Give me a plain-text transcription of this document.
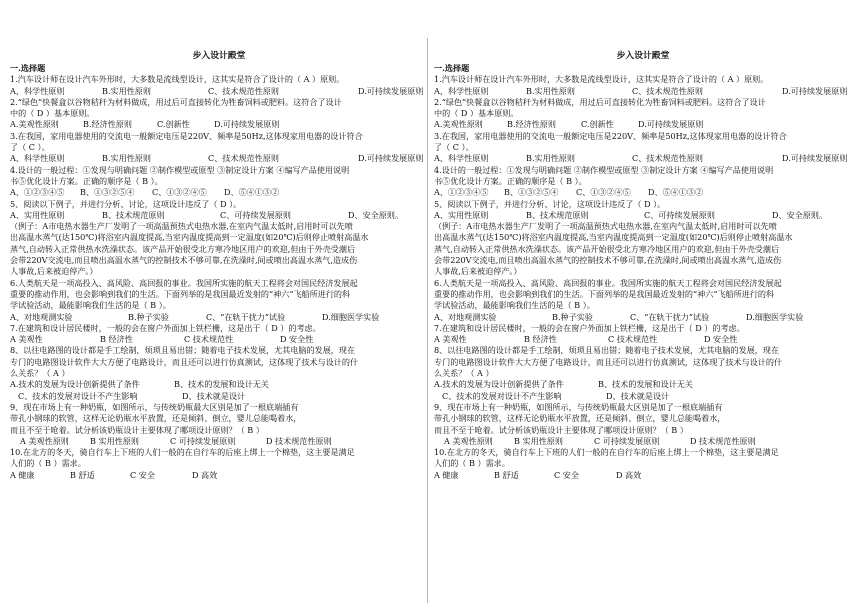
步入设计殿堂
一.选择题
1.汽车设计师在设计汽车外形时，大多数是流线型设计，这其实是符合了设计的（ A ）原则。
A、科学性原则	B.实用性原则	C、技术规范性原则	D.可持续发展原则
2.“绿色”快餐盒以谷物秸秆为材料做成，用过后可直接转化为牲畜饲料或肥料。这符合了设计
中的（ D ）基本原则。
A.美观性原则	B.经济性原则	C.创新性	D.可持续发展原则
3.在我国，家用电器使用的交流电一般额定电压是220V、频率是50Hz,这体现家用电器的设计符合
了（ C ）。
A、科学性原则	B.实用性原则	C、技术规范性原则	D.可持续发展原则
4.设计的一般过程：①发现与明确问题 ②制作模型或原型 ③制定设计方案 ④编写产品使用说明
书⑤优化设计方案。正确的顺序是（ B ）。
A、①②③④⑤	B、①③②⑤④	C、①③②④⑤	D、⑤④①③②
5、阅读以下例子，并进行分析、讨论，这项设计违反了（ D ）。
A、实用性原则	B、技术规范原则	C、可持续发展原则	D、安全原则。
（例子：A市电热水器生产厂发明了一项高温预热式电热水器,在室内气温太低时,启用时可以先喷
出高温水蒸气(达150℃)将浴室内温度提高,当室内温度提高到一定温度(如20℃)后则停止喷射高温水
蒸气,自动转入正常供热水洗澡状态。该产品开始很受北方寒冷地区用户的欢迎,但由于外壳受潮后
会带220V交流电,而且喷出高温水蒸气的控制技术不够可靠,在洗澡时,间或喷出高温水蒸气,造成伤
人事故,后来被迫停产。）
6.人类航天是一项高投入、高风险、高回报的事业。我国所实施的航天工程将会对国民经济发展起
重要的推动作用，也会影响到我们的生活。下面列举的是我国最近发射的“神六”飞船所进行的科
学试验活动，最能影响我们生活的是（ B ）。
A、对地观测实验	B.种子实验	C、“在轨干扰力”试验	D.细胞医学实验
7.在建筑和设计居民楼时，一般的会在窗户外面加上铁栏栅，这是出于（ D ）的考虑。
A 美观性	B 经济性	C 技术规范性	D 安全性
8、以往电路图的设计都是手工绘制，烦琐且易出错；随着电子技术发展，尤其电脑的发展，现在
专门的电路图设计软件大大方便了电路设计，而且还可以进行仿真测试，这体现了技术与设计的什
么关系？（ A ）
A.技术的发展为设计创新提供了条件	B、技术的发展和设计无关
C、技术的发展对设计不产生影响	D、技术就是设计
9、现在市场上有一种奶瓶，如图所示，与传统奶瓶最大区别是加了一根底端插有
带孔小钢球的软管，这样无论奶瓶水平放置，还是倾斜、倒立，婴儿总能喝着水，
而且不至于呛着。试分析该奶瓶设计主要体现了哪项设计原则？（ B ）
A 美观性原则	B 实用性原则	C 可持续发展原则	D 技术规范性原则
10.在北方的冬天，骑自行车上下班的人们一般的在自行车的后座上绑上一个棉垫，这主要是满足
人们的（ B ）需求。
A 健康	B 舒适	C 安全	D 高效
步入设计殿堂
一.选择题
1.汽车设计师在设计汽车外形时，大多数是流线型设计，这其实是符合了设计的（ A ）原则。
A、科学性原则	B.实用性原则	C、技术规范性原则	D.可持续发展原则
2.“绿色”快餐盒以谷物秸秆为材料做成，用过后可直接转化为牲畜饲料或肥料。这符合了设计
中的（ D ）基本原则。
A.美观性原则	B.经济性原则	C.创新性	D.可持续发展原则
3.在我国，家用电器使用的交流电一般额定电压是220V、频率是50Hz,这体现家用电器的设计符合
了（ C ）。
A、科学性原则	B.实用性原则	C、技术规范性原则	D.可持续发展原则
4.设计的一般过程：①发现与明确问题 ②制作模型或原型 ③制定设计方案 ④编写产品使用说明
书⑤优化设计方案。正确的顺序是（ B ）。
A、①②③④⑤	B、①③②⑤④	C、①③②④⑤	D、⑤④①③②
5、阅读以下例子，并进行分析、讨论，这项设计违反了（ D ）。
A、实用性原则	B、技术规范原则	C、可持续发展原则	D、安全原则。
（例子：A市电热水器生产厂发明了一项高温预热式电热水器,在室内气温太低时,启用时可以先喷
出高温水蒸气(达150℃)将浴室内温度提高,当室内温度提高到一定温度(如20℃)后则停止喷射高温水
蒸气,自动转入正常供热水洗澡状态。该产品开始很受北方寒冷地区用户的欢迎,但由于外壳受潮后
会带220V交流电,而且喷出高温水蒸气的控制技术不够可靠,在洗澡时,间或喷出高温水蒸气,造成伤
人事故,后来被迫停产。）
6.人类航天是一项高投入、高风险、高回报的事业。我国所实施的航天工程将会对国民经济发展起
重要的推动作用，也会影响到我们的生活。下面列举的是我国最近发射的“神六”飞船所进行的科
学试验活动，最能影响我们生活的是（ B ）。
A、对地观测实验	B.种子实验	C、“在轨干扰力”试验	D.细胞医学实验
7.在建筑和设计居民楼时，一般的会在窗户外面加上铁栏栅，这是出于（ D ）的考虑。
A 美观性	B 经济性	C 技术规范性	D 安全性
8、以往电路图的设计都是手工绘制，烦琐且易出错；随着电子技术发展，尤其电脑的发展，现在
专门的电路图设计软件大大方便了电路设计，而且还可以进行仿真测试，这体现了技术与设计的什
么关系？（ A ）
A.技术的发展为设计创新提供了条件	B、技术的发展和设计无关
C、技术的发展对设计不产生影响	D、技术就是设计
9、现在市场上有一种奶瓶，如图所示，与传统奶瓶最大区别是加了一根底端插有
带孔小钢球的软管，这样无论奶瓶水平放置，还是倾斜、倒立，婴儿总能喝着水，
而且不至于呛着。试分析该奶瓶设计主要体现了哪项设计原则？（ B ）
A 美观性原则	B 实用性原则	C 可持续发展原则	D 技术规范性原则
10.在北方的冬天，骑自行车上下班的人们一般的在自行车的后座上绑上一个棉垫，这主要是满足
人们的（ B ）需求。
A 健康	B 舒适	C 安全	D 高效
